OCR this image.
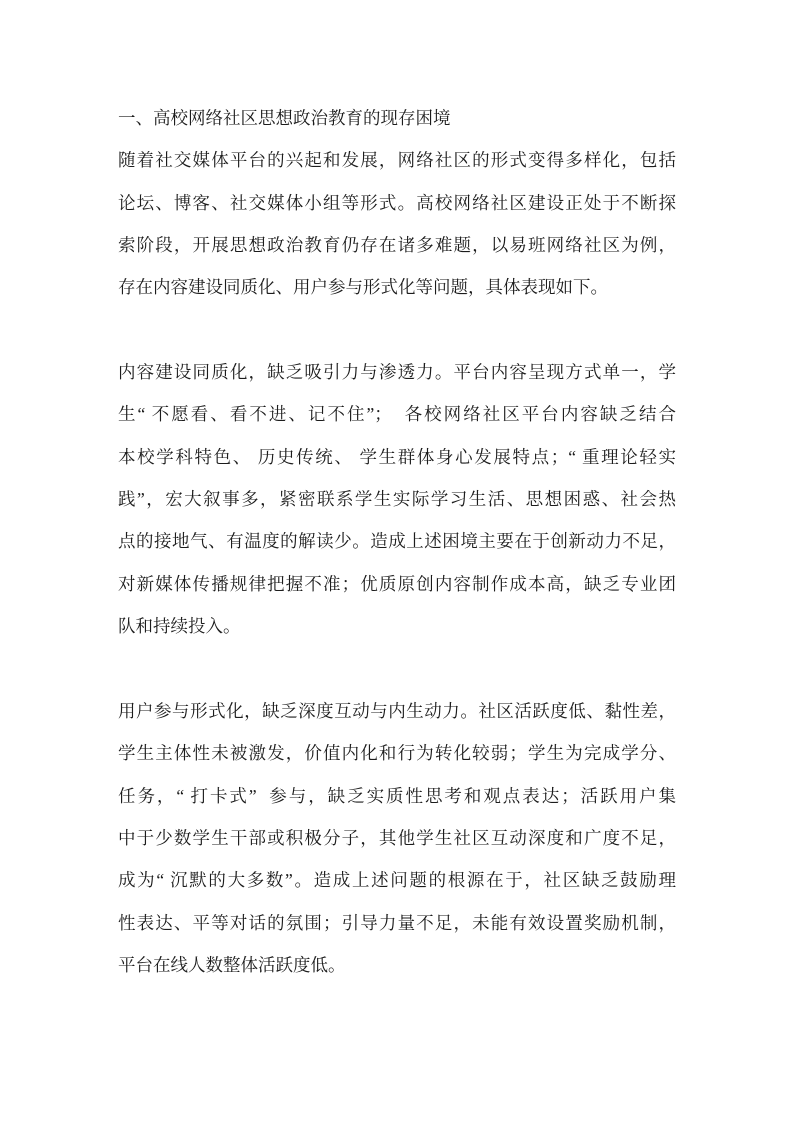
一、高校网络社区思想政治教育的现存困境
随着社交媒体平台的兴起和发展，网络社区的形式变得多样化，包括
论坛、博客、社交媒体小组等形式。高校网络社区建设正处于不断探
索阶段，开展思想政治教育仍存在诸多难题，以易班网络社区为例，
存在内容建设同质化、用户参与形式化等问题，具体表现如下。
内容建设同质化，缺乏吸引力与渗透力。平台内容呈现方式单一，学
生“ 不愿看、看不进、记不住”；  各校网络社区平台内容缺乏结合
本校学科特色、 历史传统、 学生群体身心发展特点；“ 重理论轻实
践”，宏大叙事多，紧密联系学生实际学习生活、思想困惑、社会热
点的接地气、有温度的解读少。造成上述困境主要在于创新动力不足，
对新媒体传播规律把握不准；优质原创内容制作成本高，缺乏专业团
队和持续投入。
用户参与形式化，缺乏深度互动与内生动力。社区活跃度低、黏性差，
学生主体性未被激发，价值内化和行为转化较弱；学生为完成学分、
任务，“ 打卡式”  参与，缺乏实质性思考和观点表达；活跃用户集
中于少数学生干部或积极分子，其他学生社区互动深度和广度不足，
成为“ 沉默的大多数”。造成上述问题的根源在于，社区缺乏鼓励理
性表达、平等对话的氛围；引导力量不足，未能有效设置奖励机制，
平台在线人数整体活跃度低。
